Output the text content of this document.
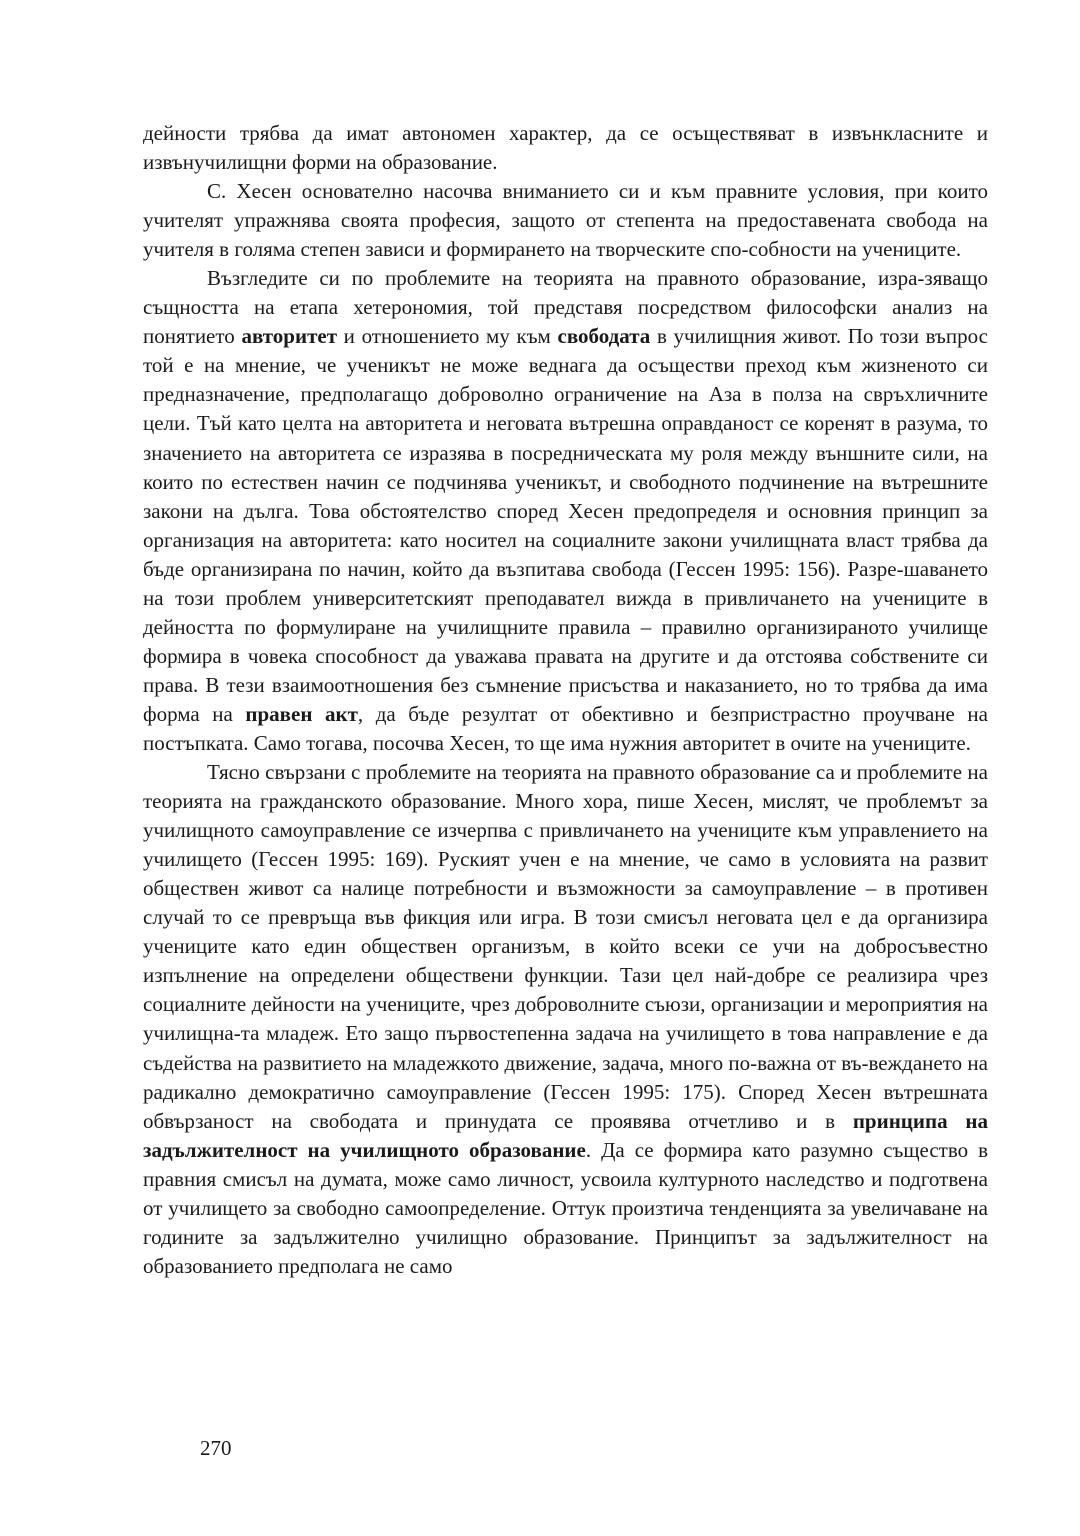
дейности трябва да имат автономен характер, да се осъществяват в извънкласните и извънучилищни форми на образование.

С. Хесен основателно насочва вниманието си и към правните условия, при които учителят упражнява своята професия, защото от степента на предоставената свобода на учителя в голяма степен зависи и формирането на творческите спо-собности на учениците.

Възгледите си по проблемите на теорията на правното образование, изра-зяващо същността на етапа хетерономия, той представя посредством философски анализ на понятието авторитет и отношението му към свободата в училищния живот. По този въпрос той е на мнение, че ученикът не може веднага да осъществи преход към жизненото си предназначение, предполагащо доброволно ограничение на Аза в полза на свръхличните цели. Тъй като целта на авторитета и неговата вътрешна оправданост се коренят в разума, то значението на авторитета се изразява в посредническата му роля между външните сили, на които по естествен начин се подчинява ученикът, и свободното подчинение на вътрешните закони на дълга. Това обстоятелство според Хесен предопределя и основния принцип за организация на авторитета: като носител на социалните закони училищната власт трябва да бъде организирана по начин, който да възпитава свобода (Гессен 1995: 156). Разре-шаването на този проблем университетският преподавател вижда в привличането на учениците в дейността по формулиране на училищните правила – правилно организираното училище формира в човека способност да уважава правата на другите и да отстоява собствените си права. В тези взаимоотношения без съмнение присъства и наказанието, но то трябва да има форма на правен акт, да бъде резултат от обективно и безпристрастно проучване на постъпката. Само тогава, посочва Хесен, то ще има нужния авторитет в очите на учениците.

Тясно свързани с проблемите на теорията на правното образование са и проблемите на теорията на гражданското образование. Много хора, пише Хесен, мислят, че проблемът за училищното самоуправление се изчерпва с привличането на учениците към управлението на училището (Гессен 1995: 169). Руският учен е на мнение, че само в условията на развит обществен живот са налице потребности и възможности за самоуправление – в противен случай то се превръща във фикция или игра. В този смисъл неговата цел е да организира учениците като един обществен организъм, в който всеки се учи на добросъвестно изпълнение на определени обществени функции. Тази цел най-добре се реализира чрез социалните дейности на учениците, чрез доброволните съюзи, организации и мероприятия на училищна-та младеж. Ето защо първостепенна задача на училището в това направление е да съдейства на развитието на младежкото движение, задача, много по-важна от въ-вежданeто на радикално демократично самоуправление (Гессен 1995: 175). Според Хесен вътрешната обвързаност на свободата и принудата се проявява отчетливо и в принципа на задължителност на училищното образование. Да се формира като разумно същество в правния смисъл на думата, може само личност, усвоила културното наследство и подготвена от училището за свободно самоопределение. Оттук произтича тенденцията за увеличаване на годините за задължително училищно образование. Принципът за задължителност на образованието предполага не само

270
